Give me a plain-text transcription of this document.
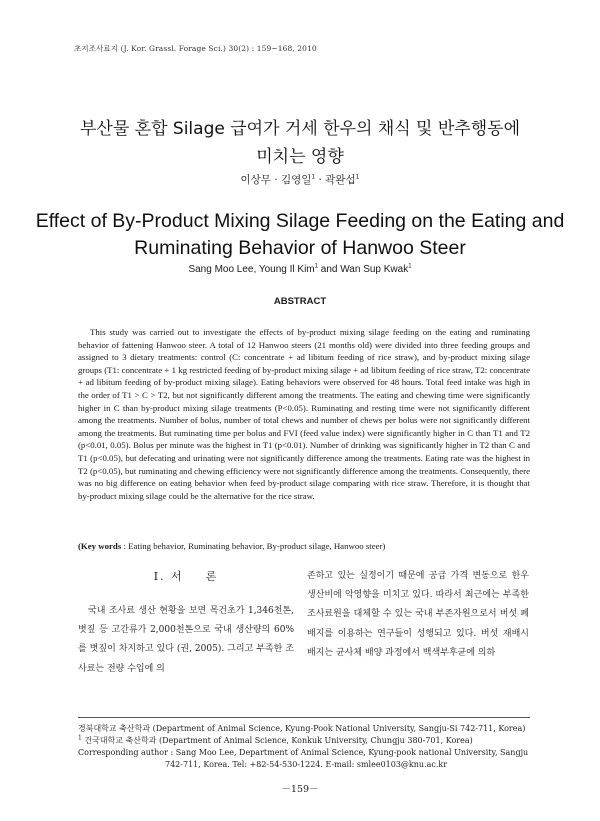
초지조사료지 (J. Kor. Grassl. Forage Sci.) 30(2) : 159~168, 2010
부산물 혼합 Silage 급여가 거세 한우의 채식 및 반추행동에
미치는 영향
이상무 · 김영일$^1$ · 곽완섭$^1$
Effect of By-Product Mixing Silage Feeding on the Eating and
Ruminating Behavior of Hanwoo Steer
Sang Moo Lee, Young Il Kim$^1$ and Wan Sup Kwak$^1$
ABSTRACT

This study was carried out to investigate the effects of by-product mixing silage feeding on the eating and ruminating behavior of fattening Hanwoo steer. A total of 12 Hanwoo steers (21 months old) were divided into three feeding groups and assigned to 3 dietary treatments: control (C: concentrate + ad libitum feeding of rice straw), and by-product mixing silage groups (T1: concentrate + 1 kg restricted feeding of by-product mixing silage + ad libitum feeding of rice straw, T2: concentrate + ad libitum feeding of by-product mixing silage). Eating behaviors were observed for 48 hours. Total feed intake was high in the order of T1 > C > T2, but not significantly different among the treatments. The eating and chewing time were significantly higher in C than by-product mixing silage treatments (P<0.05). Ruminating and resting time were not significantly different among the treatments. Number of bolus, number of total chews and number of chews per bolus were not significantly different among the treatments. But ruminating time per bolus and FVI (feed value index) were significantly higher in C than T1 and T2 (p<0.01, 0.05). Bolus per minute was the highest in T1 (p<0.01). Number of drinking was significantly higher in T2 than C and T1 (p<0.05), but defecating and urinating were not significantly difference among the treatments. Eating rate was the highest in T2 (p<0.05), but ruminating and chewing efficiency were not significantly difference among the treatments. Consequently, there was no big difference on eating behavior when feed by-product silage comparing with rice straw. Therefore, it is thought that by-product mixing silage could be the alternative for the rice straw.

(Key words : Eating behavior, Ruminating behavior, By-product silage, Hanwoo steer)
Ⅰ. 서    론

국내 조사료 생산 현황을 보면 목건초가 1,346천톤, 볏짚 등 고간류가 2,000천톤으로 국내 생산량의 60%를 볏짚이 차지하고 있다 (권, 2005). 그리고 부족한 조사료는 전량 수입에 의

존하고 있는 실정이기 때문에 공급 가격 변동으로 한우 생산비에 악영향을 미치고 있다. 따라서 최근에는 부족한 조사료원을 대체할 수 있는 국내 부존자원으로서 버섯 폐배지를 이용하는 연구들이 성행되고 있다. 버섯 재배시 배지는 균사체 배양 과정에서 백색부후균에 의하

경북대학교 축산학과 (Department of Animal Science, Kyung-Pook National University, Sangju-Si 742-711, Korea)
$^1$ 건국대학교 축산학과 (Department of Animal Science, Konkuk University, Chungju 380-701, Korea)
Corresponding author : Sang Moo Lee, Department of Animal Science, Kyung-pook national University, Sangju
742-711, Korea. Tel: +82-54-530-1224. E-mail: smlee0103@knu.ac.kr
－159－
